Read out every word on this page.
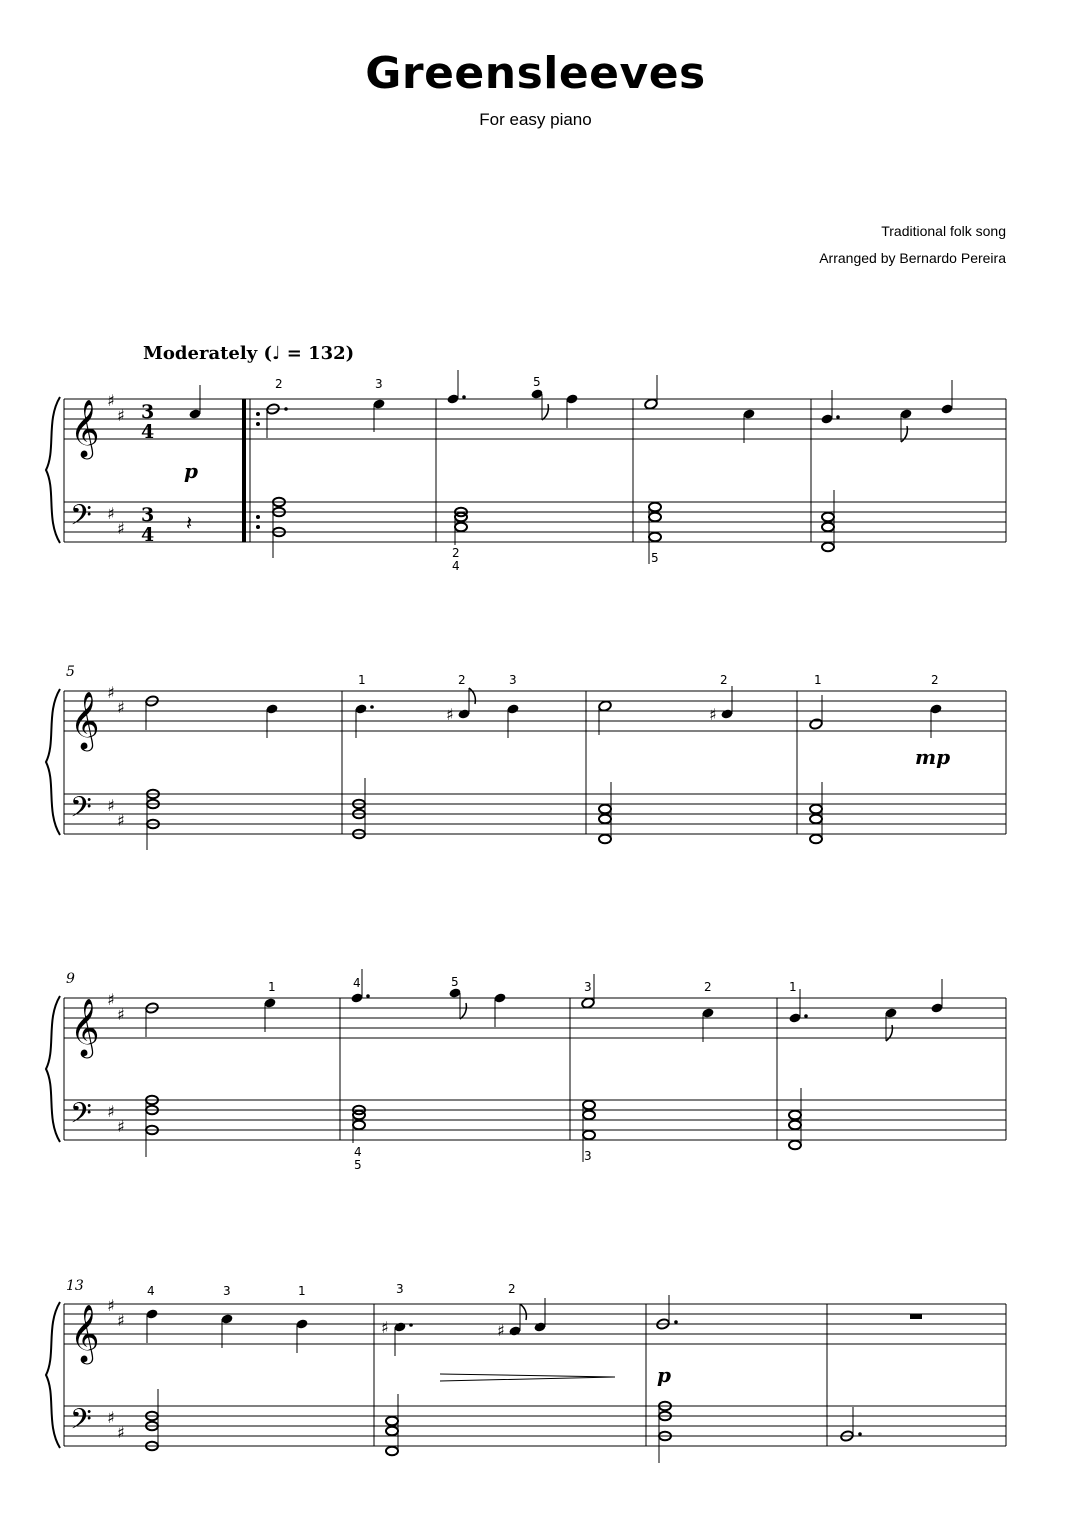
Greensleeves
For easy piano
Traditional folk song
Arranged by Bernardo Pereira
Moderately (♩ = 132)
𝄞
𝄢
♯
♯
♯
♯
3
4
3
4
p
𝄽
2	3	5
2
4
5
5
𝄞
𝄢
♯
♯
♯
♯
1
♯
2	3
♯
2	1	2
mp
9
𝄞
𝄢
♯
♯
♯
♯
1	4	5
4
5
3	2
3
1
13
𝄞
𝄢
♯
♯
♯
♯
4	3	1
♯
3
♯
2
p
